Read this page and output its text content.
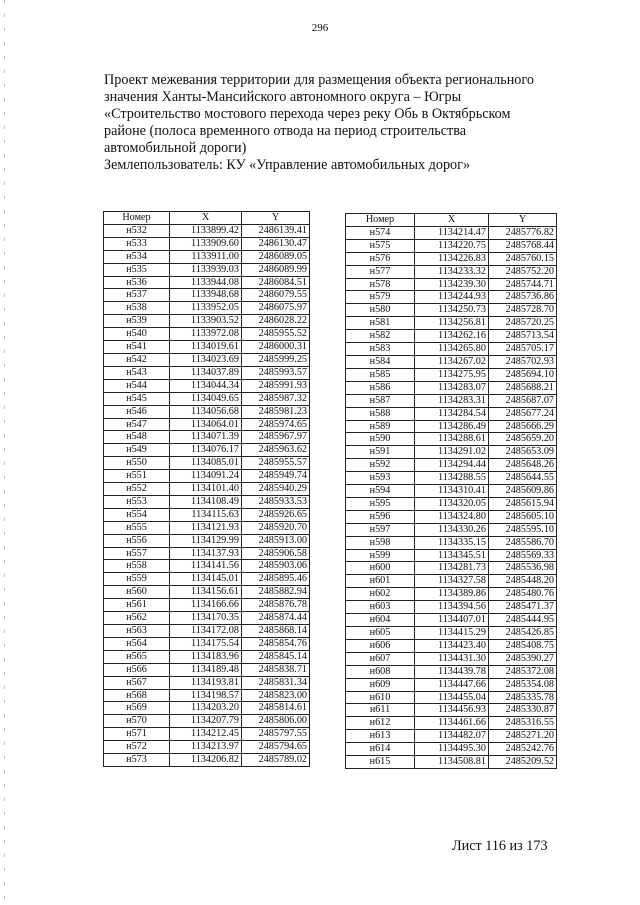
296
Проект межевания территории для размещения объекта регионального
значения Ханты-Мансийского автономного округа – Югры
«Строительство мостового перехода через реку Обь в Октябрьском
районе (полоса временного отвода на период строительства
автомобильной дороги)
Землепользователь: КУ «Управление автомобильных дорог»
Номер	X	Y
н532	1133899.42	2486139.41
н533	1133909.60	2486130.47
н534	1133911.00	2486089.05
н535	1133939.03	2486089.99
н536	1133944.08	2486084.51
н537	1133948.68	2486079.55
н538	1133952.05	2486075.97
н539	1133903.52	2486028.22
н540	1133972.08	2485955.52
н541	1134019.61	2486000.31
н542	1134023.69	2485999.25
н543	1134037.89	2485993.57
н544	1134044.34	2485991.93
н545	1134049.65	2485987.32
н546	1134056.68	2485981.23
н547	1134064.01	2485974.65
н548	1134071.39	2485967.97
н549	1134076.17	2485963.62
н550	1134085.01	2485955.57
н551	1134091.24	2485949.74
н552	1134101.40	2485940.29
н553	1134108.49	2485933.53
н554	1134115.63	2485926.65
н555	1134121.93	2485920.70
н556	1134129.99	2485913.00
н557	1134137.93	2485906.58
н558	1134141.56	2485903.06
н559	1134145.01	2485895.46
н560	1134156.61	2485882.94
н561	1134166.66	2485876.78
н562	1134170.35	2485874.44
н563	1134172.08	2485868.14
н564	1134175.54	2485854.76
н565	1134183.96	2485845.14
н566	1134189.48	2485838.71
н567	1134193.81	2485831.34
н568	1134198.57	2485823.00
н569	1134203.20	2485814.61
н570	1134207.79	2485806.00
н571	1134212.45	2485797.55
н572	1134213.97	2485794.65
н573	1134206.82	2485789.02
Номер	X	Y
н574	1134214.47	2485776.82
н575	1134220.75	2485768.44
н576	1134226.83	2485760.15
н577	1134233.32	2485752.20
н578	1134239.30	2485744.71
н579	1134244.93	2485736.86
н580	1134250.73	2485728.70
н581	1134256.81	2485720.25
н582	1134262.16	2485713.54
н583	1134265.80	2485705.17
н584	1134267.02	2485702.93
н585	1134275.95	2485694.10
н586	1134283.07	2485688.21
н587	1134283.31	2485687.07
н588	1134284.54	2485677.24
н589	1134286.49	2485666.29
н590	1134288.61	2485659.20
н591	1134291.02	2485653.09
н592	1134294.44	2485648.26
н593	1134288.55	2485644.55
н594	1134310.41	2485609.86
н595	1134320.05	2485615.94
н596	1134324.80	2485605.10
н597	1134330.26	2485595.10
н598	1134335.15	2485586.70
н599	1134345.51	2485569.33
н600	1134281.73	2485536.98
н601	1134327.58	2485448.20
н602	1134389.86	2485480.76
н603	1134394.56	2485471.37
н604	1134407.01	2485444.95
н605	1134415.29	2485426.85
н606	1134423.40	2485408.75
н607	1134431.30	2485390.27
н608	1134439.78	2485372.08
н609	1134447.66	2485354.08
н610	1134455.04	2485335.78
н611	1134456.93	2485330.87
н612	1134461.66	2485316.55
н613	1134482.07	2485271.20
н614	1134495.30	2485242.76
н615	1134508.81	2485209.52
Лист 116 из 173
